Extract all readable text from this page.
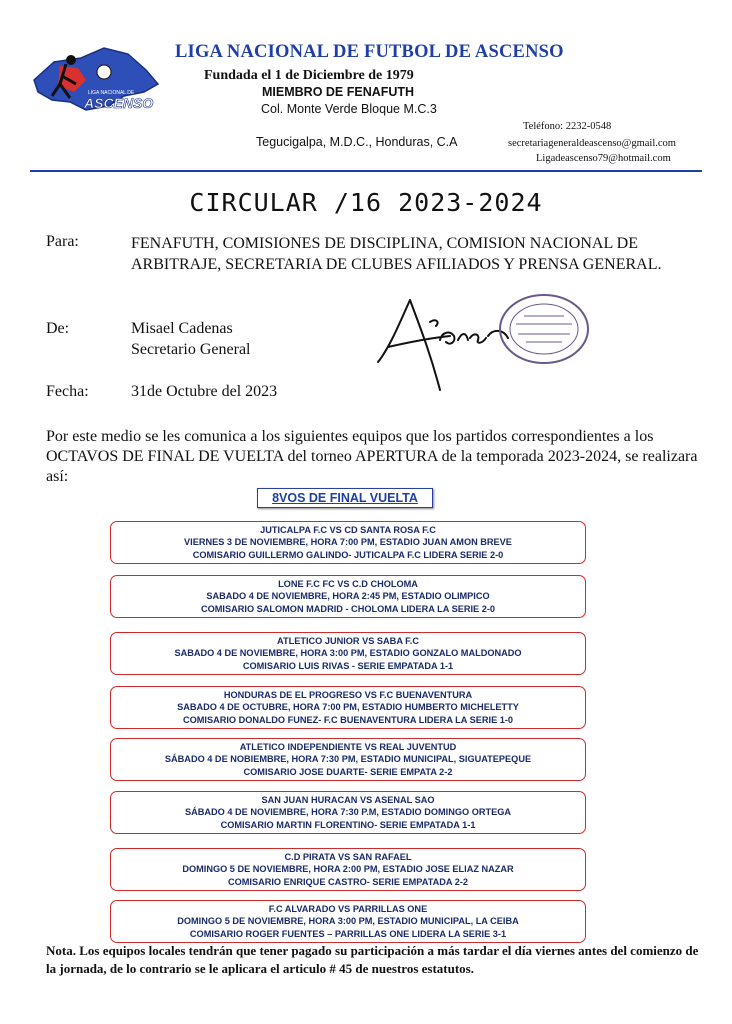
LIGA NACIONAL DE
ASCENSO
LIGA NACIONAL DE FUTBOL DE ASCENSO
Fundada el 1 de Diciembre de 1979
MIEMBRO DE FENAFUTH
Col. Monte Verde Bloque M.C.3
Tegucigalpa, M.D.C., Honduras, C.A
Teléfono: 2232-0548
secretariageneraldeascenso@gmail.com
Ligadeascenso79@hotmail.com
CIRCULAR /16 2023-2024
Para:	FENAFUTH, COMISIONES DE DISCIPLINA, COMISION NACIONAL DE ARBITRAJE, SECRETARIA DE CLUBES AFILIADOS Y PRENSA GENERAL.
De:	Misael Cadenas
Secretario General
Fecha:	31de Octubre del 2023
Por este medio se les comunica a los siguientes equipos que los partidos correspondientes a los OCTAVOS DE FINAL DE VUELTA del torneo APERTURA de la temporada 2023-2024, se realizara así:
8VOS DE FINAL VUELTA
JUTICALPA F.C VS CD SANTA ROSA F.C
VIERNES 3 DE NOVIEMBRE, HORA 7:00 PM, ESTADIO JUAN AMON BREVE
COMISARIO GUILLERMO GALINDO- JUTICALPA F.C LIDERA SERIE 2-0
LONE F.C FC VS C.D CHOLOMA
SABADO 4 DE NOVIEMBRE, HORA 2:45 PM, ESTADIO OLIMPICO
COMISARIO SALOMON MADRID - CHOLOMA LIDERA LA SERIE 2-0
ATLETICO JUNIOR VS SABA F.C
SABADO 4 DE NOVIEMBRE, HORA 3:00 PM, ESTADIO GONZALO MALDONADO
COMISARIO LUIS RIVAS - SERIE EMPATADA 1-1
HONDURAS DE EL PROGRESO VS F.C BUENAVENTURA
SABADO 4 DE OCTUBRE, HORA 7:00 PM, ESTADIO HUMBERTO MICHELETTY
COMISARIO DONALDO FUNEZ- F.C BUENAVENTURA LIDERA LA SERIE 1-0
ATLETICO INDEPENDIENTE VS REAL JUVENTUD
SÁBADO 4 DE NOBIEMBRE, HORA 7:30 PM, ESTADIO MUNICIPAL, SIGUATEPEQUE
COMISARIO JOSE DUARTE- SERIE EMPATA 2-2
SAN JUAN HURACAN VS ASENAL SAO
SÁBADO 4 DE NOVIEMBRE, HORA 7:30 P.M, ESTADIO DOMINGO ORTEGA
COMISARIO MARTIN FLORENTINO- SERIE EMPATADA 1-1
C.D PIRATA VS SAN RAFAEL
DOMINGO 5 DE NOVIEMBRE, HORA 2:00 PM, ESTADIO JOSE ELIAZ NAZAR
COMISARIO ENRIQUE CASTRO- SERIE EMPATADA 2-2
F.C ALVARADO VS PARRILLAS ONE
DOMINGO 5 DE NOVIEMBRE, HORA 3:00 PM, ESTADIO MUNICIPAL, LA CEIBA
COMISARIO ROGER FUENTES – PARRILLAS ONE LIDERA LA SERIE 3-1
Nota. Los equipos locales tendrán que tener pagado su participación a más tardar el día viernes antes del comienzo de la jornada, de lo contrario se le aplicara el articulo # 45 de nuestros estatutos.
